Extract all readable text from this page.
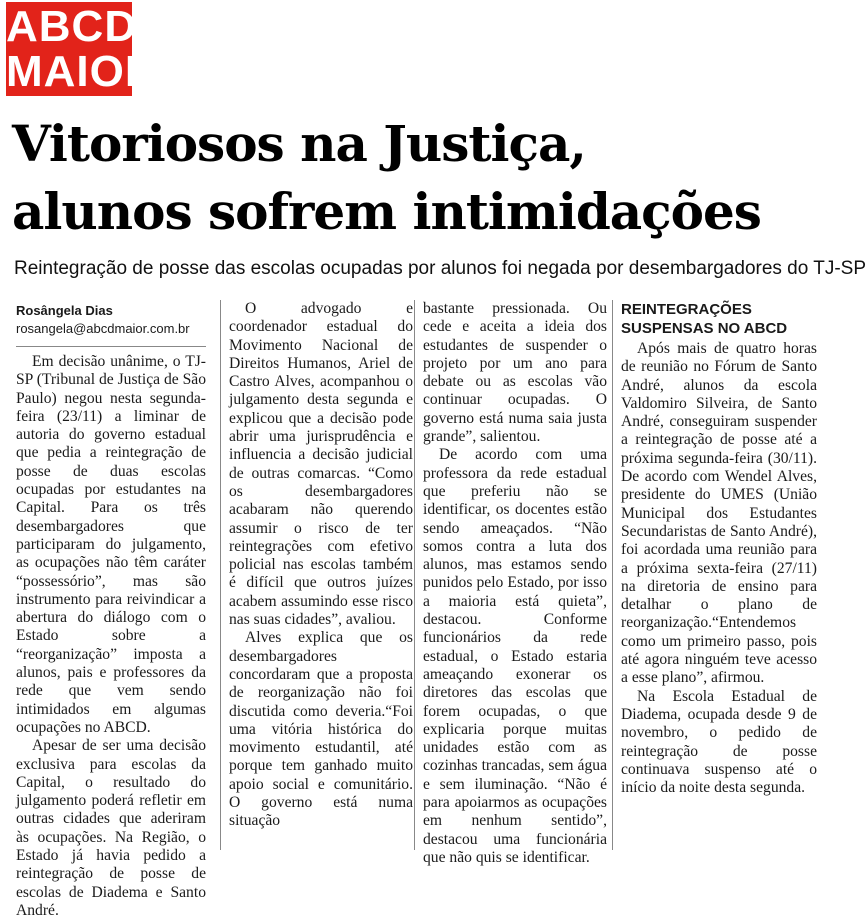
ABCD
MAIOR
Vitoriosos na Justiça,
alunos sofrem intimidações
Reintegração de posse das escolas ocupadas por alunos foi negada por desembargadores do TJ-SP
Rosângela Dias
rosangela@abcdmaior.com.br

Em decisão unânime, o TJ-SP (Tribunal de Justiça de São Paulo) negou nesta segunda-feira (23/11) a liminar de autoria do governo estadual que pedia a reintegração de posse de duas escolas ocupadas por estudantes na Capital. Para os três desembargadores que participaram do julgamento, as ocupações não têm caráter “possessório”, mas são instrumento para reivindicar a abertura do diálogo com o Estado sobre a “reorganização” imposta a alunos, pais e professores da rede que vem sendo intimidados em algumas ocupações no ABCD.

Apesar de ser uma decisão exclusiva para escolas da Capital, o resultado do julgamento poderá refletir em outras cidades que aderiram às ocupações. Na Região, o Estado já havia pedido a reintegração de posse de escolas de Diadema e Santo André.

O advogado e coordenador estadual do Movimento Nacional de Direitos Humanos, Ariel de Castro Alves, acompanhou o julgamento desta segunda e explicou que a decisão pode abrir uma jurisprudência e influencia a decisão judicial de outras comarcas. “Como os desembargadores acabaram não querendo assumir o risco de ter reintegrações com efetivo policial nas escolas também é difícil que outros juízes acabem assumindo esse risco nas suas cidades”, avaliou.

Alves explica que os desembargadores concordaram que a proposta de reorganização não foi discutida como deveria.“Foi uma vitória histórica do movimento estudantil, até porque tem ganhado muito apoio social e comunitário. O governo está numa situação

bastante pressionada. Ou cede e aceita a ideia dos estudantes de suspender o projeto por um ano para debate ou as escolas vão continuar ocupadas. O governo está numa saia justa grande”, salientou.

De acordo com uma professora da rede estadual que preferiu não se identificar, os docentes estão sendo ameaçados. “Não somos contra a luta dos alunos, mas estamos sendo punidos pelo Estado, por isso a maioria está quieta”, destacou. Conforme funcionários da rede estadual, o Estado estaria ameaçando exonerar os diretores das escolas que forem ocupadas, o que explicaria porque muitas unidades estão com as cozinhas trancadas, sem água e sem iluminação. “Não é para apoiarmos as ocupações em nenhum sentido”, destacou uma funcionária que não quis se identificar.

REINTEGRAÇÕES SUSPENSAS NO ABCD

Após mais de quatro horas de reunião no Fórum de Santo André, alunos da escola Valdomiro Silveira, de Santo André, conseguiram suspender a reintegração de posse até a próxima segunda-feira (30/11). De acordo com Wendel Alves, presidente do UMES (União Municipal dos Estudantes Secundaristas de Santo André), foi acordada uma reunião para a próxima sexta-feira (27/11) na diretoria de ensino para detalhar o plano de reorganização.“Entendemos como um primeiro passo, pois até agora ninguém teve acesso a esse plano”, afirmou.

Na Escola Estadual de Diadema, ocupada desde 9 de novembro, o pedido de reintegração de posse continuava suspenso até o início da noite desta segunda.
